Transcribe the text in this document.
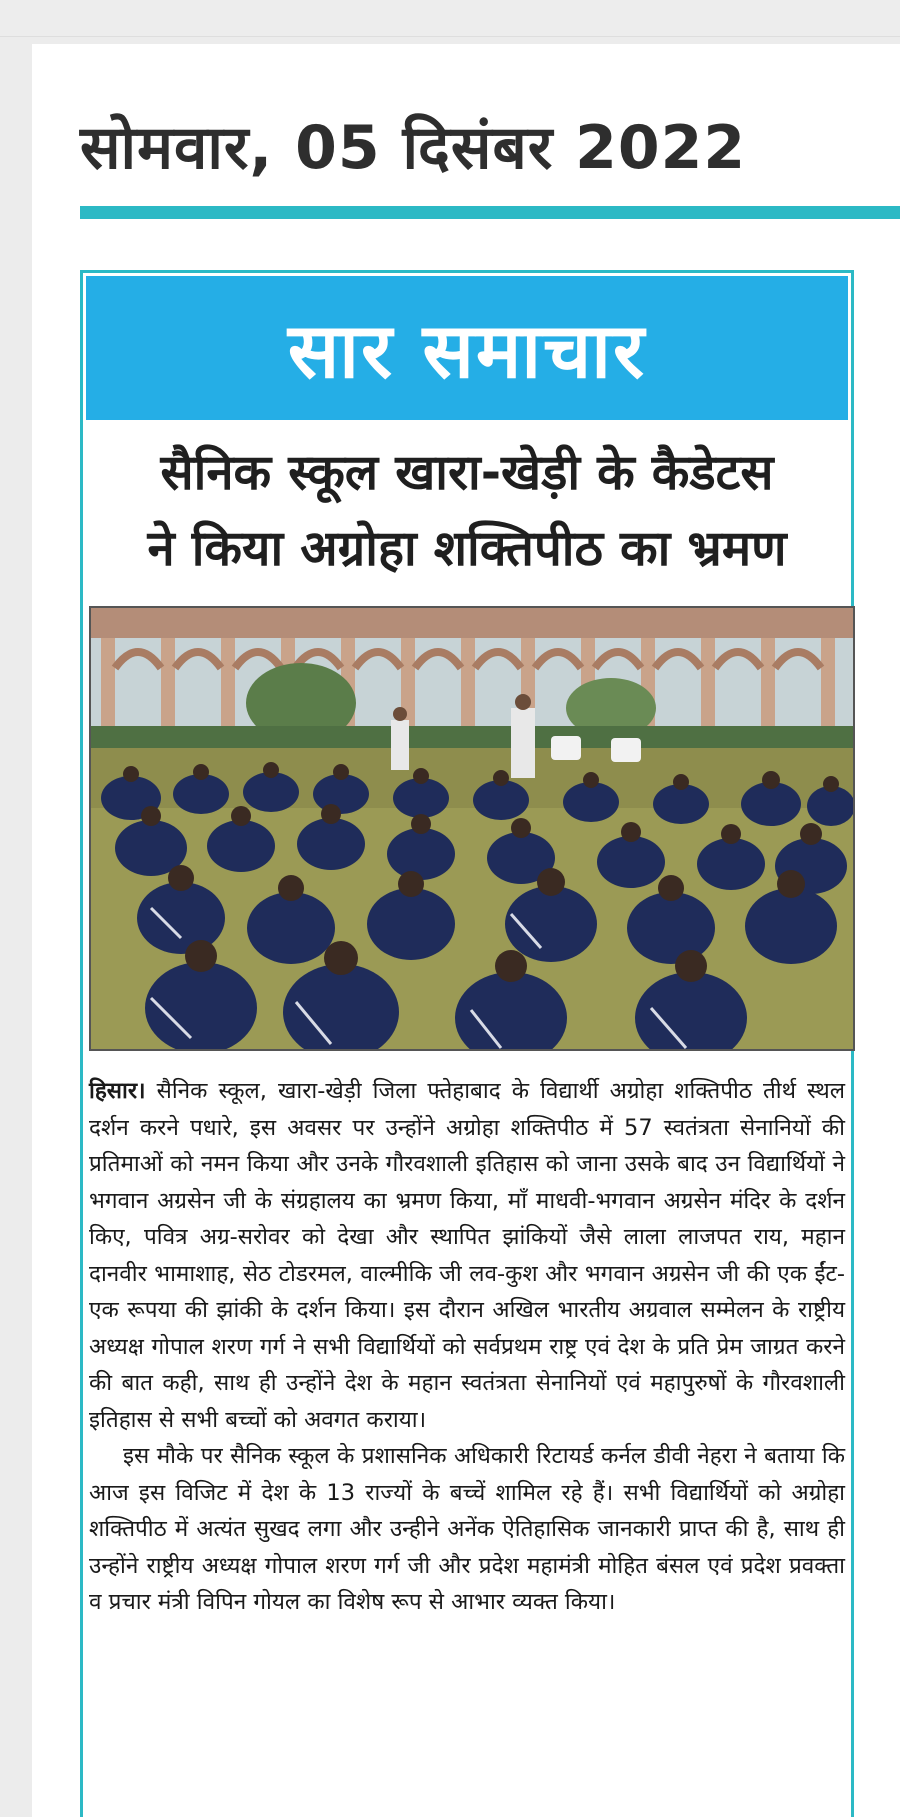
सोमवार, 05 दिसंबर 2022
सार समाचार
सैनिक स्कूल खारा-खेड़ी के कैडेटस
ने किया अग्रोहा शक्तिपीठ का भ्रमण

हिसार। सैनिक स्कूल, खारा-खेड़ी जिला फ्तेहाबाद के विद्यार्थी अग्रोहा शक्तिपीठ तीर्थ स्थल दर्शन करने पधारे, इस अवसर पर उन्होंने अग्रोहा शक्तिपीठ में 57 स्वतंत्रता सेनानियों की प्रतिमाओं को नमन किया और उनके गौरवशाली इतिहास को जाना उसके बाद उन विद्यार्थियों ने भगवान अग्रसेन जी के संग्रहालय का भ्रमण किया, माँ माधवी-भगवान अग्रसेन मंदिर के दर्शन किए, पवित्र अग्र-सरोवर को देखा और स्थापित झांकियों जैसे लाला लाजपत राय, महान दानवीर भामाशाह, सेठ टोडरमल, वाल्मीकि जी लव-कुश और भगवान अग्रसेन जी की एक ईंट-एक रूपया की झांकी के दर्शन किया। इस दौरान अखिल भारतीय अग्रवाल सम्मेलन के राष्ट्रीय अध्यक्ष गोपाल शरण गर्ग ने सभी विद्यार्थियों को सर्वप्रथम राष्ट्र एवं देश के प्रति प्रेम जाग्रत करने की बात कही, साथ ही उन्होंने देश के महान स्वतंत्रता सेनानियों एवं महापुरुषों के गौरवशाली इतिहास से सभी बच्चों को अवगत कराया।

इस मौके पर सैनिक स्कूल के प्रशासनिक अधिकारी रिटायर्ड कर्नल डीवी नेहरा ने बताया कि आज इस विजिट में देश के 13 राज्यों के बच्चें शामिल रहे हैं। सभी विद्यार्थियों को अग्रोहा शक्तिपीठ में अत्यंत सुखद लगा और उन्हीने अनेंक ऐतिहासिक जानकारी प्राप्त की है, साथ ही उन्होंने राष्ट्रीय अध्यक्ष गोपाल शरण गर्ग जी और प्रदेश महामंत्री मोहित बंसल एवं प्रदेश प्रवक्ता व प्रचार मंत्री विपिन गोयल का विशेष रूप से आभार व्यक्त किया।
